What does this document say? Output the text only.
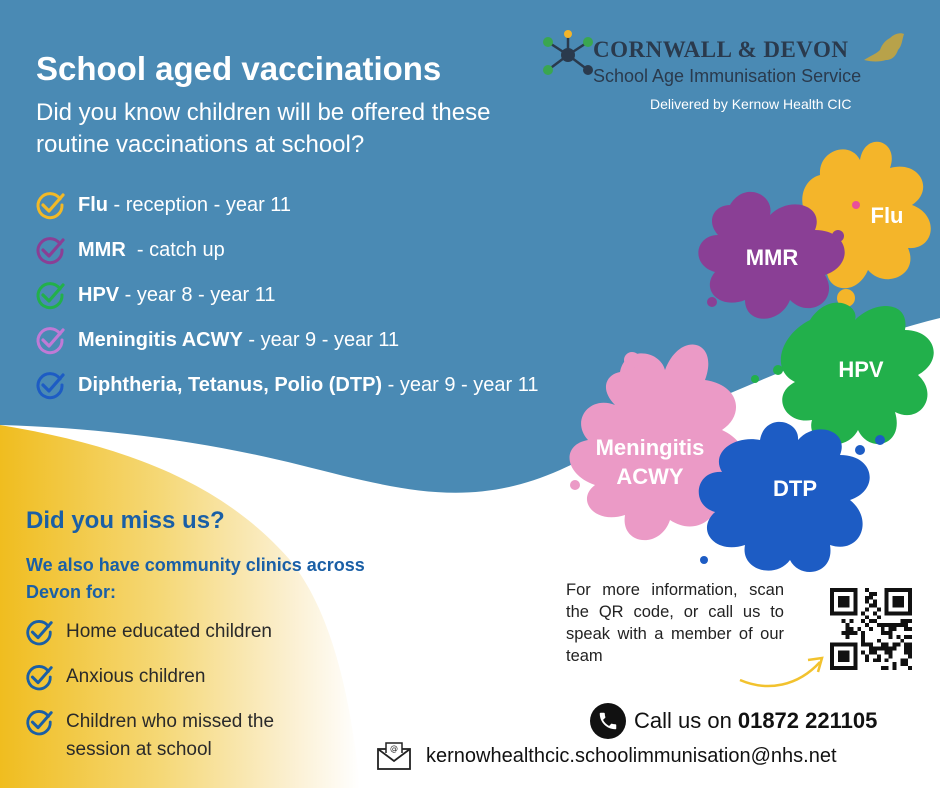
Flu
MMR
HPV
Meningitis
ACWY	DTP
School aged vaccinations
Did you know children will be offered these routine vaccinations at school?
CORNWALL & DEVON
School Age Immunisation Service
Delivered by Kernow Health CIC
Flu - reception - year 11
MMR  - catch up
HPV - year 8 - year 11
Meningitis ACWY - year 9 - year 11
Diphtheria, Tetanus, Polio (DTP) - year 9 - year 11
Did you miss us?
We also have community clinics across Devon for:
Home educated children
Anxious children
Children who missed the session at school
For more information, scan the QR code, or call us to speak with a member of our team
Call us on 01872 221105
@ kernowhealthcic.schoolimmunisation@nhs.net
